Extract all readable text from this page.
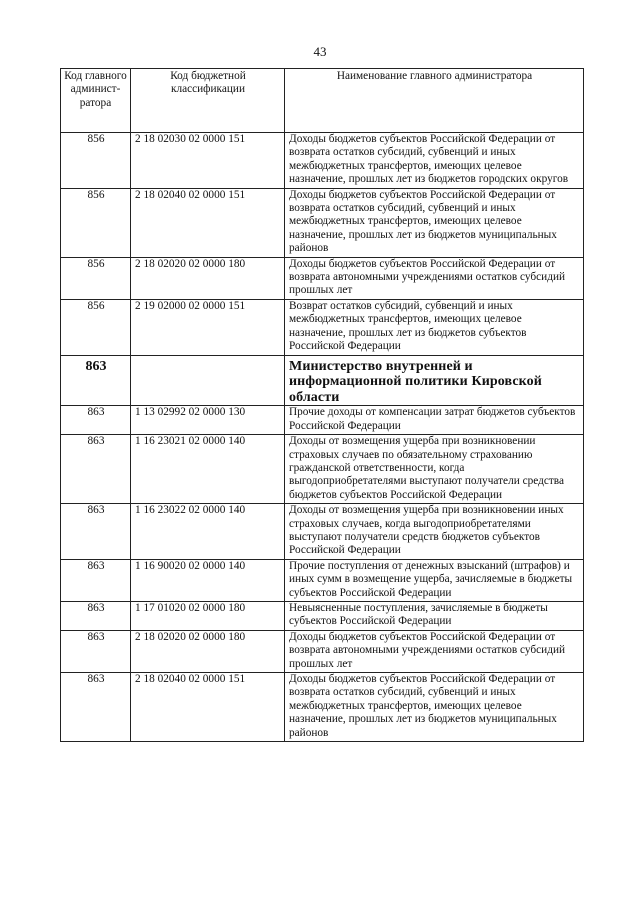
43
Код главного админист-ратора	Код бюджетной классификации	Наименование главного администратора
856	2 18 02030 02 0000 151	Доходы бюджетов субъектов Российской Федерации от возврата остатков субсидий, субвенций и иных межбюджетных трансфертов, имеющих целевое назначение, прошлых лет из бюджетов городских округов
856	2 18 02040 02 0000 151	Доходы бюджетов субъектов Российской Федерации от возврата остатков субсидий, субвенций и иных межбюджетных трансфертов, имеющих целевое назначение, прошлых лет из бюджетов муниципальных районов
856	2 18 02020 02 0000 180	Доходы бюджетов субъектов Российской Федерации от возврата автономными учреждениями остатков субсидий прошлых лет
856	2 19 02000 02 0000 151	Возврат остатков субсидий, субвенций и иных межбюджетных трансфертов, имеющих целевое назначение, прошлых лет из бюджетов субъектов Российской Федерации
863		Министерство внутренней и информационной политики Кировской области
863	1 13 02992 02 0000 130	Прочие доходы от компенсации затрат бюджетов субъектов Российской Федерации
863	1 16 23021 02 0000 140	Доходы от возмещения ущерба при возникновении страховых случаев по обязательному страхованию гражданской ответственности, когда выгодоприобретателями выступают получатели средства бюджетов субъектов Российской Федерации
863	1 16 23022 02 0000 140	Доходы от возмещения ущерба при возникновении иных страховых случаев, когда выгодоприобретателями выступают получатели средств бюджетов субъектов Российской Федерации
863	1 16 90020 02 0000 140	Прочие поступления от денежных взысканий (штрафов) и иных сумм в возмещение ущерба, зачисляемые в бюджеты субъектов Российской Федерации
863	1 17 01020 02 0000 180	Невыясненные поступления, зачисляемые в бюджеты субъектов Российской Федерации
863	2 18 02020 02 0000 180	Доходы бюджетов субъектов Российской Федерации от возврата автономными учреждениями остатков субсидий прошлых лет
863	2 18 02040 02 0000 151	Доходы бюджетов субъектов Российской Федерации от возврата остатков субсидий, субвенций и иных межбюджетных трансфертов, имеющих целевое назначение, прошлых лет из бюджетов муниципальных районов
